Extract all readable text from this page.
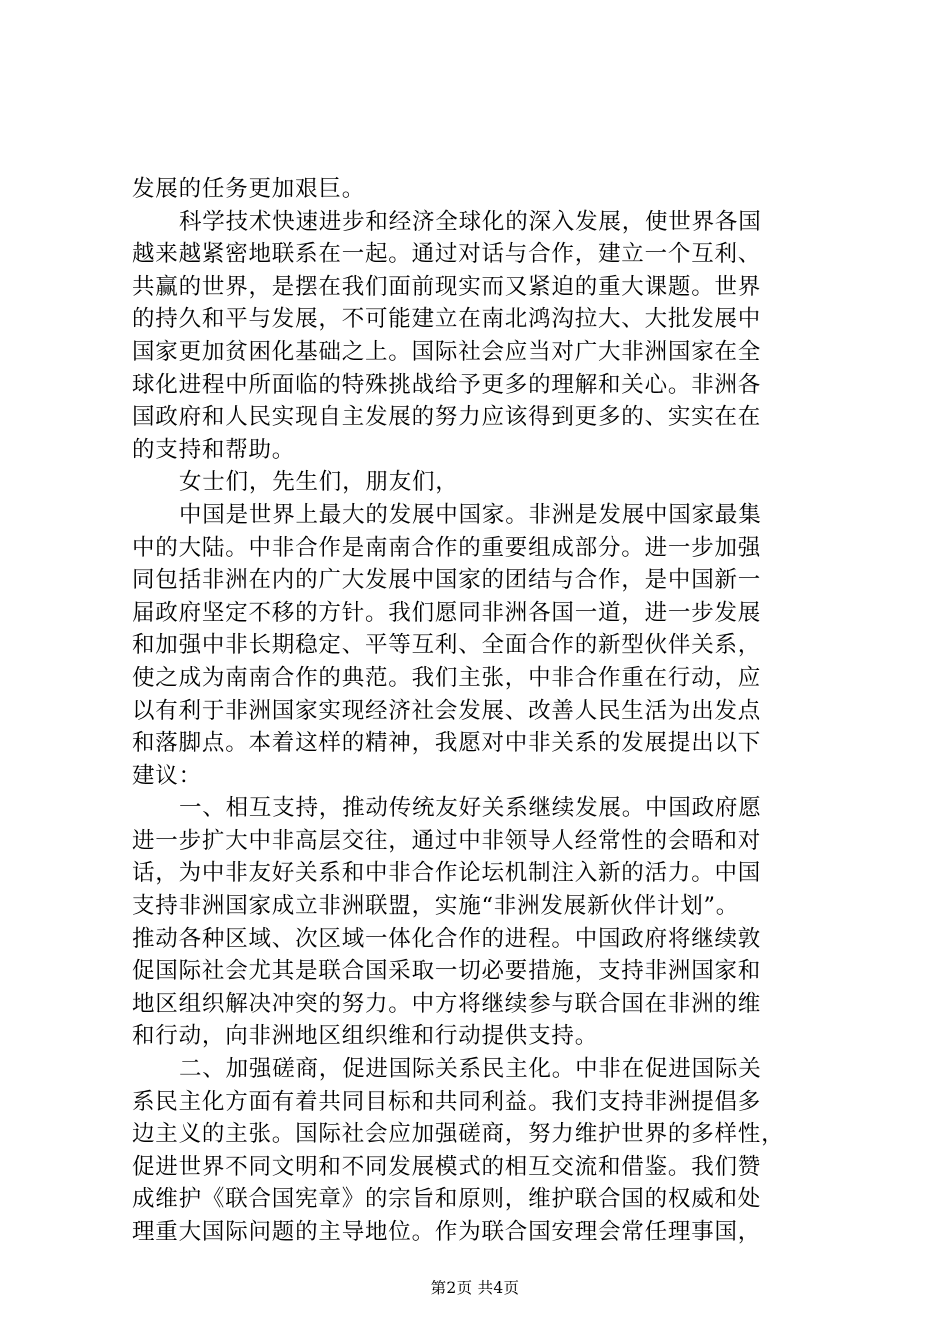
发展的任务更加艰巨。
科学技术快速进步和经济全球化的深入发展，使世界各国
越来越紧密地联系在一起。通过对话与合作，建立一个互利、
共赢的世界，是摆在我们面前现实而又紧迫的重大课题。世界
的持久和平与发展，不可能建立在南北鸿沟拉大、大批发展中
国家更加贫困化基础之上。国际社会应当对广大非洲国家在全
球化进程中所面临的特殊挑战给予更多的理解和关心。非洲各
国政府和人民实现自主发展的努力应该得到更多的、实实在在
的支持和帮助。
女士们，先生们，朋友们，
中国是世界上最大的发展中国家。非洲是发展中国家最集
中的大陆。中非合作是南南合作的重要组成部分。进一步加强
同包括非洲在内的广大发展中国家的团结与合作，是中国新一
届政府坚定不移的方针。我们愿同非洲各国一道，进一步发展
和加强中非长期稳定、平等互利、全面合作的新型伙伴关系，
使之成为南南合作的典范。我们主张，中非合作重在行动，应
以有利于非洲国家实现经济社会发展、改善人民生活为出发点
和落脚点。本着这样的精神，我愿对中非关系的发展提出以下
建议：
一、相互支持，推动传统友好关系继续发展。中国政府愿
进一步扩大中非高层交往，通过中非领导人经常性的会晤和对
话，为中非友好关系和中非合作论坛机制注入新的活力。中国
支持非洲国家成立非洲联盟，实施“非洲发展新伙伴计划”。
推动各种区域、次区域一体化合作的进程。中国政府将继续敦
促国际社会尤其是联合国采取一切必要措施，支持非洲国家和
地区组织解决冲突的努力。中方将继续参与联合国在非洲的维
和行动，向非洲地区组织维和行动提供支持。
二、加强磋商，促进国际关系民主化。中非在促进国际关
系民主化方面有着共同目标和共同利益。我们支持非洲提倡多
边主义的主张。国际社会应加强磋商，努力维护世界的多样性，
促进世界不同文明和不同发展模式的相互交流和借鉴。我们赞
成维护《联合国宪章》的宗旨和原则，维护联合国的权威和处
理重大国际问题的主导地位。作为联合国安理会常任理事国，
第2页 共4页
